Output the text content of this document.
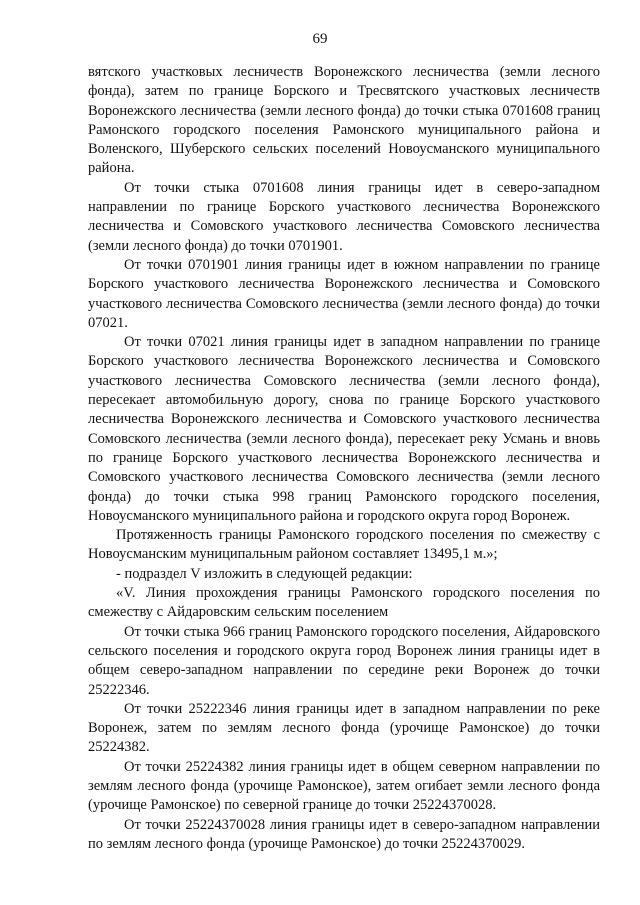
69

вятского участковых лесничеств Воронежского лесничества (земли лесного фонда), затем по границе Борского и Тресвятского участковых лесничеств Воронежского лесничества (земли лесного фонда) до точки стыка 0701608 границ Рамонского городского поселения Рамонского муниципального района и Воленского, Шуберского сельских поселений Новоусманского муниципального района.

От точки стыка 0701608 линия границы идет в северо-западном направлении по границе Борского участкового лесничества Воронежского лесничества и Сомовского участкового лесничества Сомовского лесничества (земли лесного фонда) до точки 0701901.

От точки 0701901 линия границы идет в южном направлении по границе Борского участкового лесничества Воронежского лесничества и Сомовского участкового лесничества Сомовского лесничества (земли лесного фонда) до точки 07021.

От точки 07021 линия границы идет в западном направлении по границе Борского участкового лесничества Воронежского лесничества и Сомовского участкового лесничества Сомовского лесничества (земли лесного фонда), пересекает автомобильную дорогу, снова по границе Борского участкового лесничества Воронежского лесничества и Сомовского участкового лесничества Сомовского лесничества (земли лесного фонда), пересекает реку Усмань и вновь по границе Борского участкового лесничества Воронежского лесничества и Сомовского участкового лесничества Сомовского лесничества (земли лесного фонда) до точки стыка 998 границ Рамонского городского поселения, Новоусманского муниципального района и городского округа город Воронеж.

Протяженность границы Рамонского городского поселения по смежеству с Новоусманским муниципальным районом составляет 13495,1 м.»;

- подраздел V изложить в следующей редакции:

«V. Линия прохождения границы Рамонского городского поселения по смежеству с Айдаровским сельским поселением

От точки стыка 966 границ Рамонского городского поселения, Айдаровского сельского поселения и городского округа город Воронеж линия границы идет в общем северо-западном направлении по середине реки Воронеж до точки 25222346.

От точки 25222346 линия границы идет в западном направлении по реке Воронеж, затем по землям лесного фонда (урочище Рамонское) до точки 25224382.

От точки 25224382 линия границы идет в общем северном направлении по землям лесного фонда (урочище Рамонское), затем огибает земли лесного фонда (урочище Рамонское) по северной границе до точки 25224370028.

От точки 25224370028 линия границы идет в северо-западном направлении по землям лесного фонда (урочище Рамонское) до точки 25224370029.
